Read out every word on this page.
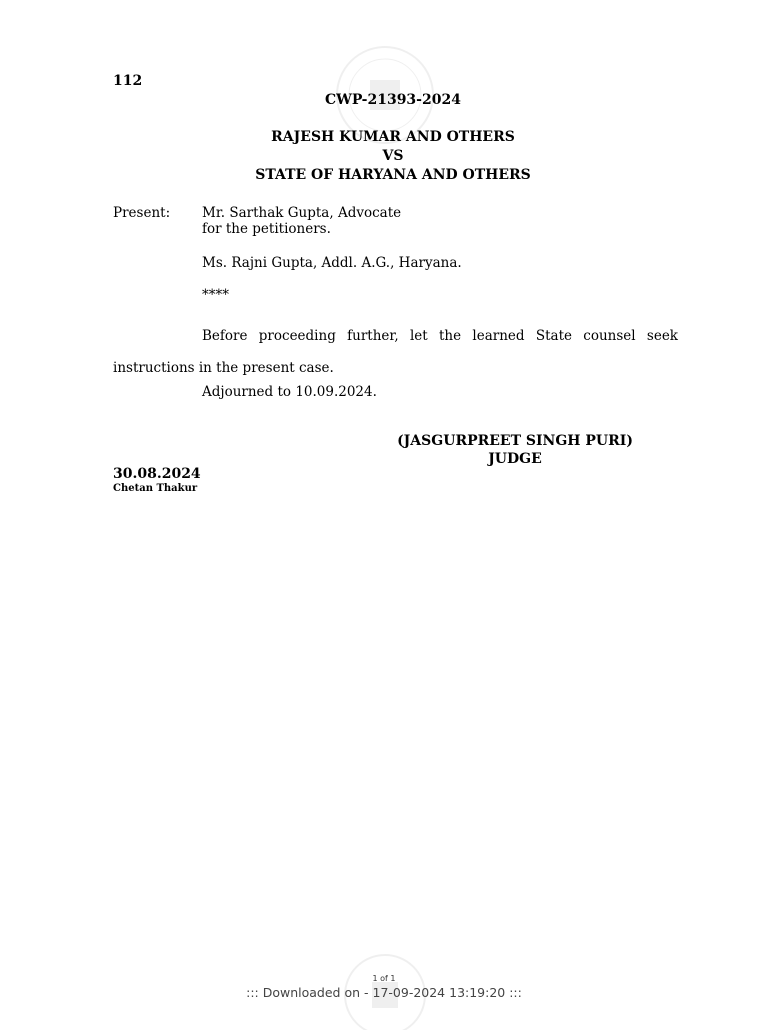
112
CWP-21393-2024
RAJESH KUMAR AND OTHERS
VS
STATE OF HARYANA AND OTHERS
Present: Mr. Sarthak Gupta, Advocate
for the petitioners.
Ms. Rajni Gupta, Addl. A.G., Haryana.
****
Before proceeding further, let the learned State counsel seek instructions in the present case.
Adjourned to 10.09.2024.
(JASGURPREET SINGH PURI)
JUDGE
30.08.2024
Chetan Thakur
1 of 1
::: Downloaded on - 17-09-2024 13:19:20 :::
